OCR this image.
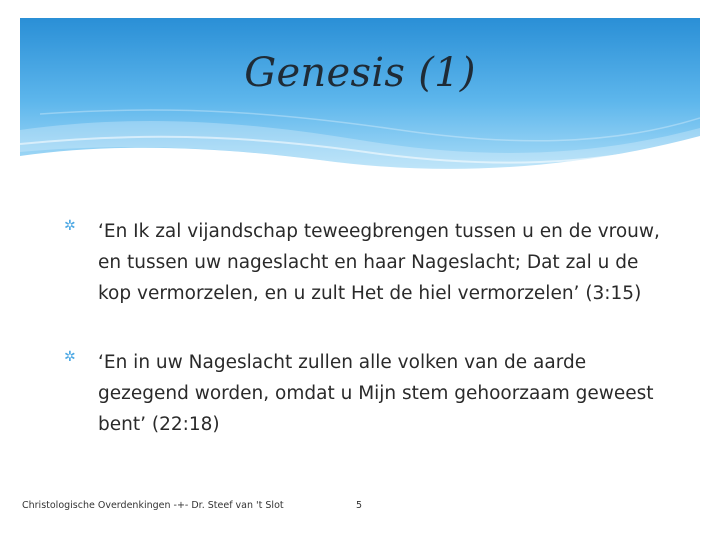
Genesis (1)
✲ ‘En Ik zal vijandschap teweegbrengen tussen u en de vrouw, en tussen uw nageslacht en haar Nageslacht; Dat zal u de kop vermorzelen, en u zult Het de hiel vermorzelen’ (3:15)
✲ ‘En in uw Nageslacht zullen alle volken van de aarde gezegend worden, omdat u Mijn stem gehoorzaam geweest bent’ (22:18)
Christologische Overdenkingen -+- Dr. Steef van 't Slot	5
